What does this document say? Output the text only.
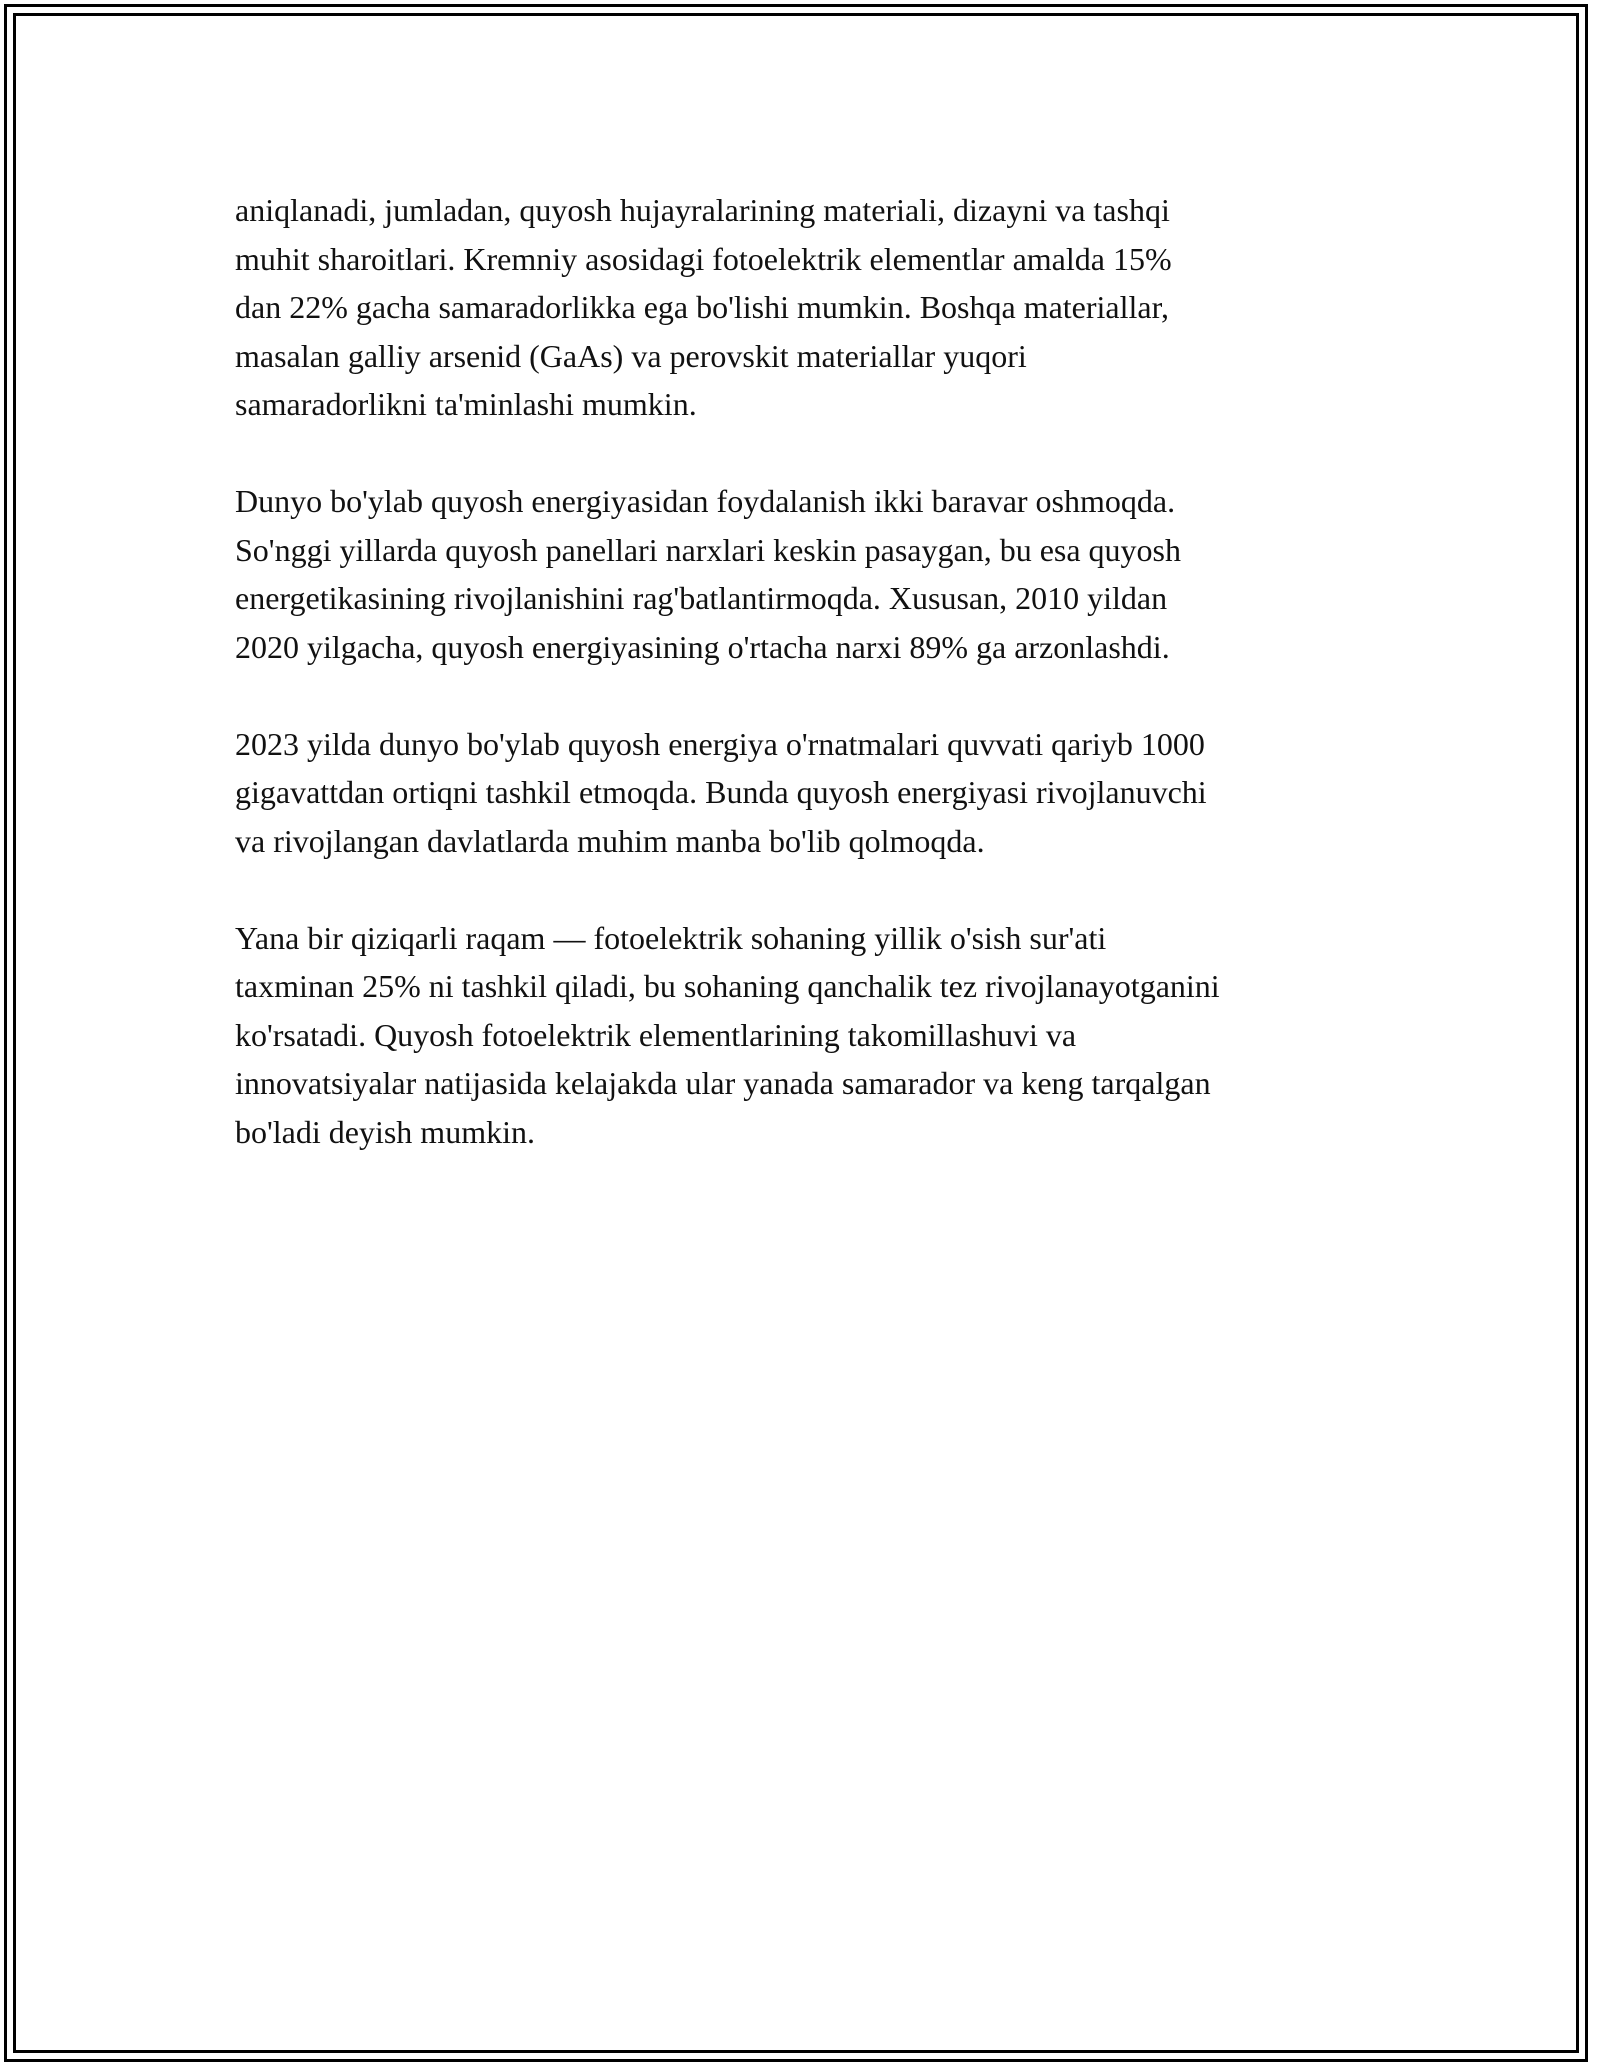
aniqlanadi, jumladan, quyosh hujayralarining materiali, dizayni va tashqi
muhit sharoitlari. Kremniy asosidagi fotoelektrik elementlar amalda 15%
dan 22% gacha samaradorlikka ega bo'lishi mumkin. Boshqa materiallar,
masalan galliy arsenid (GaAs) va perovskit materiallar yuqori
samaradorlikni ta'minlashi mumkin.

Dunyo bo'ylab quyosh energiyasidan foydalanish ikki baravar oshmoqda.
So'nggi yillarda quyosh panellari narxlari keskin pasaygan, bu esa quyosh
energetikasining rivojlanishini rag'batlantirmoqda. Xususan, 2010 yildan
2020 yilgacha, quyosh energiyasining o'rtacha narxi 89% ga arzonlashdi.

2023 yilda dunyo bo'ylab quyosh energiya o'rnatmalari quvvati qariyb 1000
gigavattdan ortiqni tashkil etmoqda. Bunda quyosh energiyasi rivojlanuvchi
va rivojlangan davlatlarda muhim manba bo'lib qolmoqda.

Yana bir qiziqarli raqam — fotoelektrik sohaning yillik o'sish sur'ati
taxminan 25% ni tashkil qiladi, bu sohaning qanchalik tez rivojlanayotganini
ko'rsatadi. Quyosh fotoelektrik elementlarining takomillashuvi va
innovatsiyalar natijasida kelajakda ular yanada samarador va keng tarqalgan
bo'ladi deyish mumkin.
